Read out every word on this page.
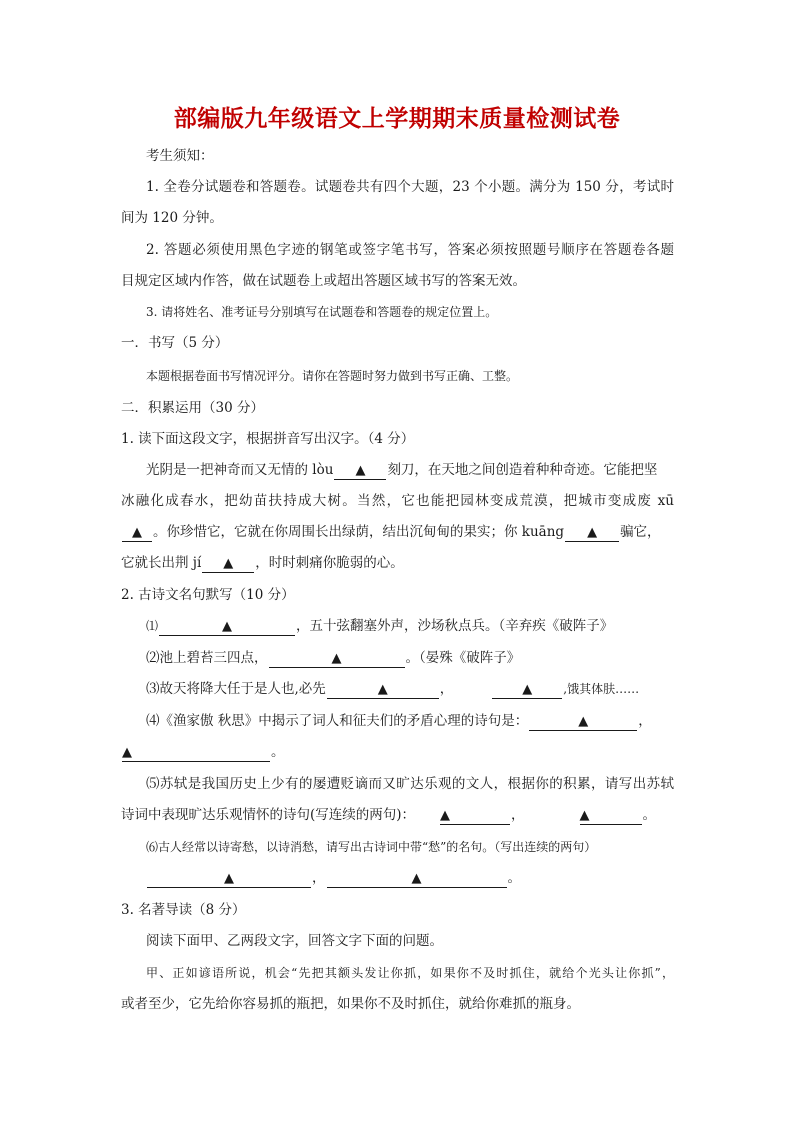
部编版九年级语文上学期期末质量检测试卷
考生须知：
1. 全卷分试题卷和答题卷。试题卷共有四个大题，23 个小题。满分为 150 分，考试时
间为 120 分钟。
2. 答题必须使用黑色字迹的钢笔或签字笔书写，答案必须按照题号顺序在答题卷各题
目规定区域内作答，做在试题卷上或超出答题区域书写的答案无效。
3. 请将姓名、准考证号分别填写在试题卷和答题卷的规定位置上。
一．书写（5 分）
本题根据卷面书写情况评分。请你在答题时努力做到书写正确、工整。
二．积累运用（30 分）
1. 读下面这段文字，根据拼音写出汉字。（4 分）
光阴是一把神奇而又无情的 lòu ▲ 刻刀，在天地之间创造着种种奇迹。它能把坚
冰融化成春水，把幼苗扶持成大树。当然，它也能把园林变成荒漠，把城市变成废 xū
▲ 。你珍惜它，它就在你周围长出绿荫，结出沉甸甸的果实；你 kuāng ▲ 骗它，
它就长出荆 jí ▲ ，时时刺痛你脆弱的心。
2. 古诗文名句默写（10 分）
⑴	▲	，五十弦翻塞外声，沙场秋点兵。（辛弃疾《破阵子》
⑵池上碧苔三四点，	▲	。（晏殊《破阵子》
⑶故天将降大任于是人也,必先	▲	，	▲	,饿其体肤……
⑷《渔家傲 秋思》中揭示了词人和征夫们的矛盾心理的诗句是：	▲	，
▲	。
⑸苏轼是我国历史上少有的屡遭贬谪而又旷达乐观的文人，根据你的积累，请写出苏轼
诗词中表现旷达乐观情怀的诗句(写连续的两句)： ▲	，	▲	。
⑹古人经常以诗寄愁，以诗消愁，请写出古诗词中带“愁”的名句。（写出连续的两句）
▲	，	▲	。
3. 名著导读（8 分）
阅读下面甲、乙两段文字，回答文字下面的问题。
甲、正如谚语所说，机会“先把其额头发让你抓，如果你不及时抓住，就给个光头让你抓”，
或者至少，它先给你容易抓的瓶把，如果你不及时抓住，就给你难抓的瓶身。
